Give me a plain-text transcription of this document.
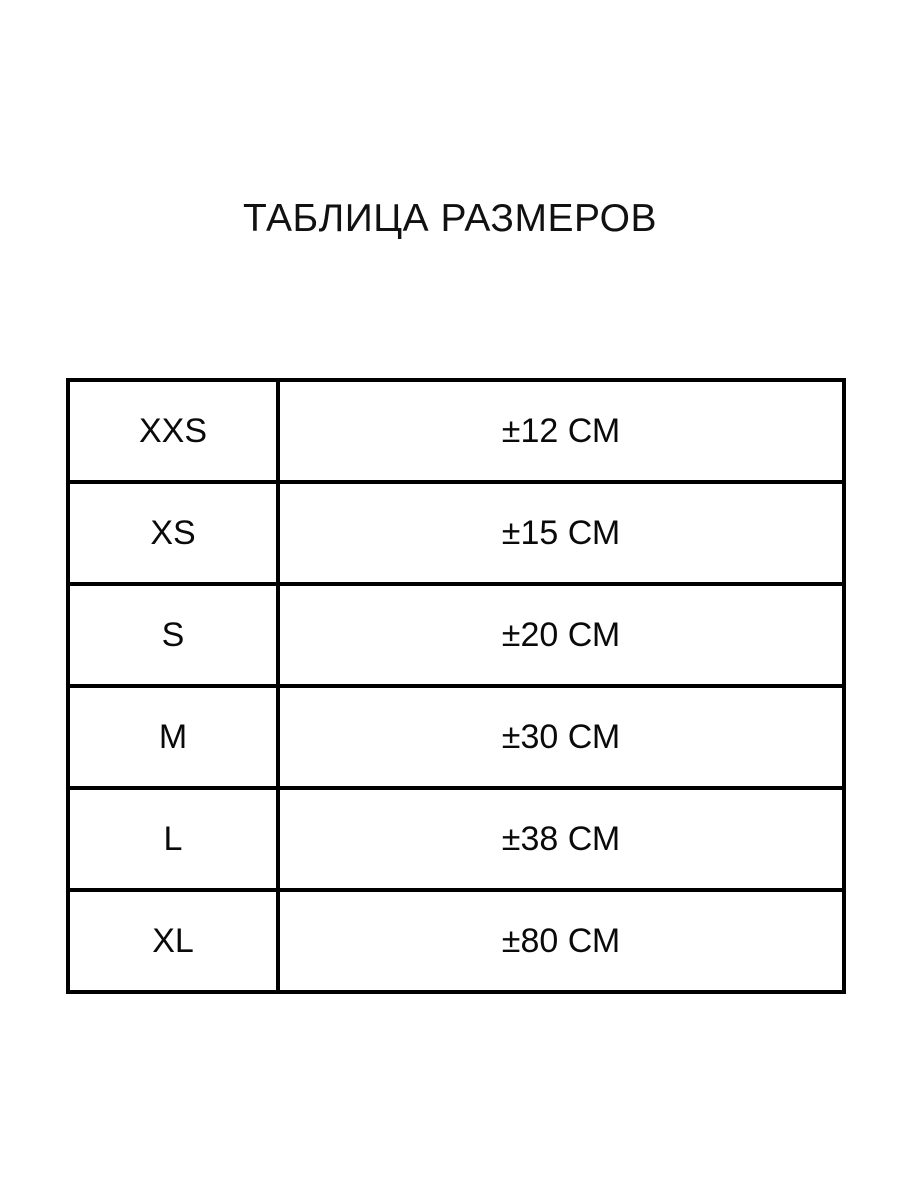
ТАБЛИЦА РАЗМЕРОВ
XXS	±12 СМ
XS	±15 СМ
S	±20 СМ
M	±30 СМ
L	±38 СМ
XL	±80 СМ
